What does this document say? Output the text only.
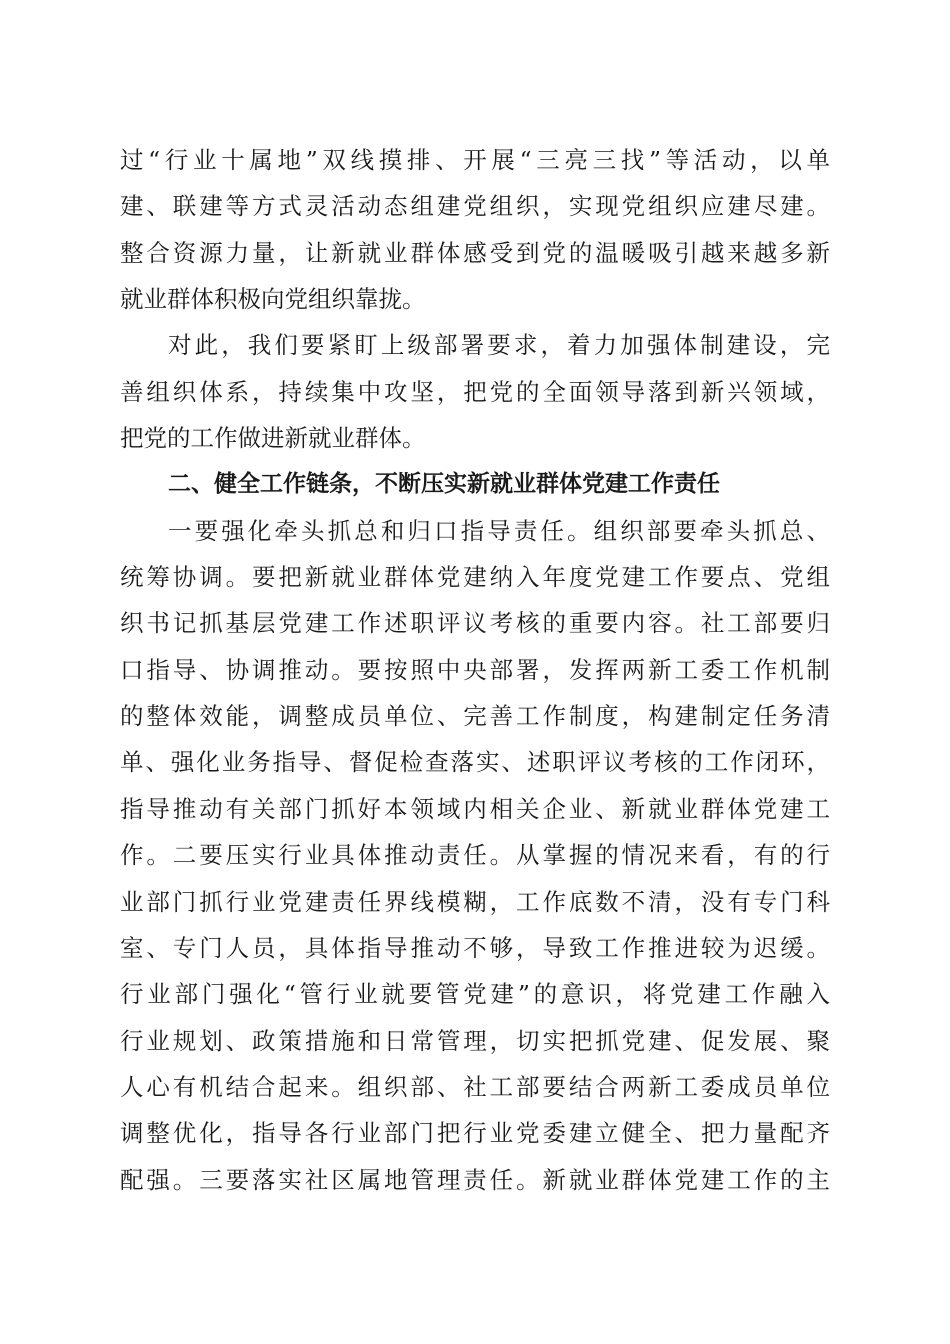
过“行业十属地”双线摸排、开展“三亮三找”等活动，以单
建、联建等方式灵活动态组建党组织，实现党组织应建尽建。
整合资源力量，让新就业群体感受到党的温暖吸引越来越多新
就业群体积极向党组织靠拢。
对此，我们要紧盯上级部署要求，着力加强体制建设，完
善组织体系，持续集中攻坚，把党的全面领导落到新兴领域，
把党的工作做进新就业群体。
二、健全工作链条，不断压实新就业群体党建工作责任
一要强化牵头抓总和归口指导责任。组织部要牵头抓总、
统筹协调。要把新就业群体党建纳入年度党建工作要点、党组
织书记抓基层党建工作述职评议考核的重要内容。社工部要归
口指导、协调推动。要按照中央部署，发挥两新工委工作机制
的整体效能，调整成员单位、完善工作制度，构建制定任务清
单、强化业务指导、督促检查落实、述职评议考核的工作闭环，
指导推动有关部门抓好本领域内相关企业、新就业群体党建工
作。二要压实行业具体推动责任。从掌握的情况来看，有的行
业部门抓行业党建责任界线模糊，工作底数不清，没有专门科
室、专门人员，具体指导推动不够，导致工作推进较为迟缓。
行业部门强化“管行业就要管党建”的意识，将党建工作融入
行业规划、政策措施和日常管理，切实把抓党建、促发展、聚
人心有机结合起来。组织部、社工部要结合两新工委成员单位
调整优化，指导各行业部门把行业党委建立健全、把力量配齐
配强。三要落实社区属地管理责任。新就业群体党建工作的主
